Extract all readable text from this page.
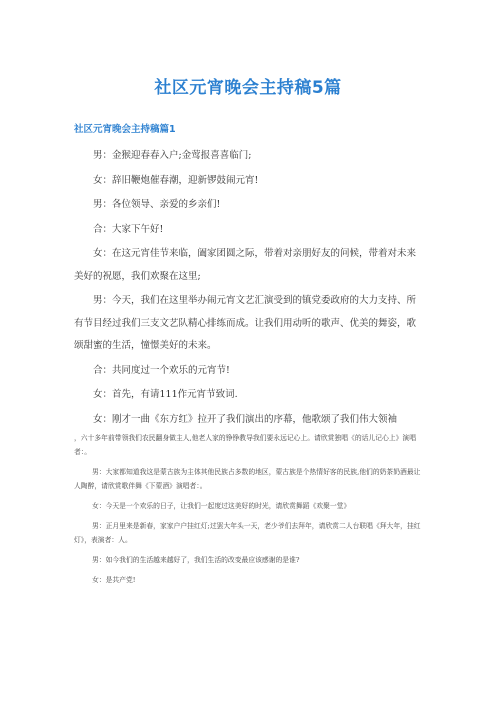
社区元宵晚会主持稿5篇
社区元宵晚会主持稿篇1

男：金猴迎春春入户;金莺报喜喜临门;

女：辞旧鞭炮催春潮，迎新锣鼓闹元宵!

男：各位领导、亲爱的乡亲们!

合：大家下午好!

女：在这元宵佳节来临，阖家团圆之际，带着对亲朋好友的问候，带着对未来美好的祝愿，我们欢聚在这里;

男：今天，我们在这里举办闹元宵文艺汇演受到的镇党委政府的大力支持、所有节目经过我们三支文艺队精心排练而成。让我们用动听的歌声、优美的舞姿，歌颂甜蜜的生活，憧憬美好的未来。

合：共同度过一个欢乐的元宵节!

女：首先，有请111作元宵节致词.

女：刚才一曲《东方红》拉开了我们演出的序幕，他歌颂了我们伟大领袖

，六十多年前带领我们农民翻身做主人,他老人家的铮铮教导我们要永远记心上。请欣赏独唱《的话儿记心上》演唱者：。

男：大家都知道我这是蒙古族为主体其他民族占多数的地区，蒙古族是个热情好客的民族,他们的奶茶奶酒最让人陶醉，请欣赏歌伴舞《下蒙酒》演唱者：。

女：今天是一个欢乐的日子，让我们一起度过这美好的时光，请欣赏舞蹈《欢聚一堂》

男：正月里来是新春，家家户户挂红灯;过罢大年头一天，老少爷们去拜年，请欣赏二人台联唱《拜大年，挂红灯》，表演者：人。

男：如今我们的生活越来越好了，我们生活的改变最应该感谢的是谁?

女：是共产党!
